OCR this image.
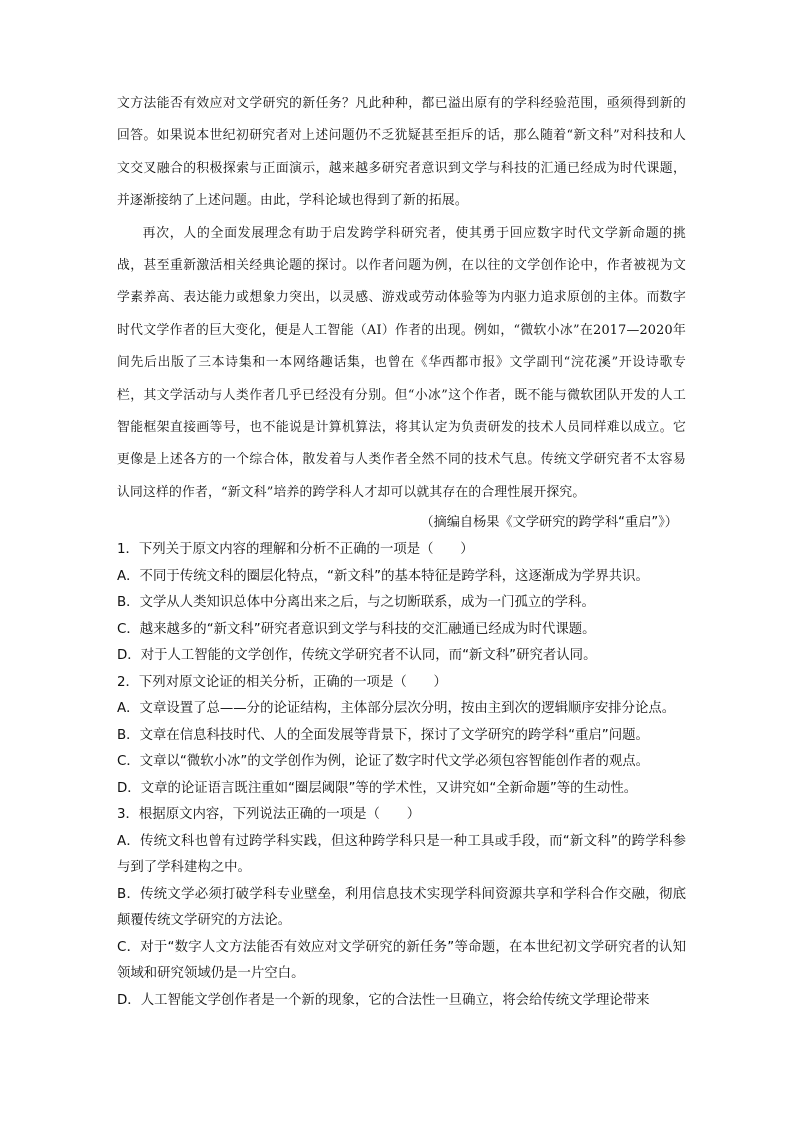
文方法能否有效应对文学研究的新任务？凡此种种，都已溢出原有的学科经验范围，亟须得到新的回答。如果说本世纪初研究者对上述问题仍不乏犹疑甚至拒斥的话，那么随着“新文科”对科技和人文交叉融合的积极探索与正面演示，越来越多研究者意识到文学与科技的汇通已经成为时代课题，并逐渐接纳了上述问题。由此，学科论域也得到了新的拓展。

再次，人的全面发展理念有助于启发跨学科研究者，使其勇于回应数字时代文学新命题的挑战，甚至重新激活相关经典论题的探讨。以作者问题为例，在以往的文学创作论中，作者被视为文学素养高、表达能力或想象力突出，以灵感、游戏或劳动体验等为内驱力追求原创的主体。而数字时代文学作者的巨大变化，便是人工智能（AI）作者的出现。例如，“微软小冰”在2017—2020年间先后出版了三本诗集和一本网络趣话集，也曾在《华西都市报》文学副刊“浣花溪”开设诗歌专栏，其文学活动与人类作者几乎已经没有分别。但“小冰”这个作者，既不能与微软团队开发的人工智能框架直接画等号，也不能说是计算机算法，将其认定为负责研发的技术人员同样难以成立。它更像是上述各方的一个综合体，散发着与人类作者全然不同的技术气息。传统文学研究者不太容易认同这样的作者，“新文科”培养的跨学科人才却可以就其存在的合理性展开探究。

（摘编自杨果《文学研究的跨学科“重启”》）

1．下列关于原文内容的理解和分析不正确的一项是（　　）

A．不同于传统文科的圈层化特点，“新文科”的基本特征是跨学科，这逐渐成为学界共识。

B．文学从人类知识总体中分离出来之后，与之切断联系，成为一门孤立的学科。

C．越来越多的“新文科”研究者意识到文学与科技的交汇融通已经成为时代课题。

D．对于人工智能的文学创作，传统文学研究者不认同，而“新文科”研究者认同。

2．下列对原文论证的相关分析，正确的一项是（　　）

A．文章设置了总——分的论证结构，主体部分层次分明，按由主到次的逻辑顺序安排分论点。

B．文章在信息科技时代、人的全面发展等背景下，探讨了文学研究的跨学科“重启”问题。

C．文章以“微软小冰”的文学创作为例，论证了数字时代文学必须包容智能创作者的观点。

D．文章的论证语言既注重如“圈层阈限”等的学术性，又讲究如“全新命题”等的生动性。

3．根据原文内容，下列说法正确的一项是（　　）

A．传统文科也曾有过跨学科实践，但这种跨学科只是一种工具或手段，而“新文科”的跨学科参与到了学科建构之中。

B．传统文学必须打破学科专业壁垒，利用信息技术实现学科间资源共享和学科合作交融，彻底颠覆传统文学研究的方法论。

C．对于“数字人文方法能否有效应对文学研究的新任务”等命题，在本世纪初文学研究者的认知领域和研究领域仍是一片空白。

D．人工智能文学创作者是一个新的现象，它的合法性一旦确立，将会给传统文学理论带来
